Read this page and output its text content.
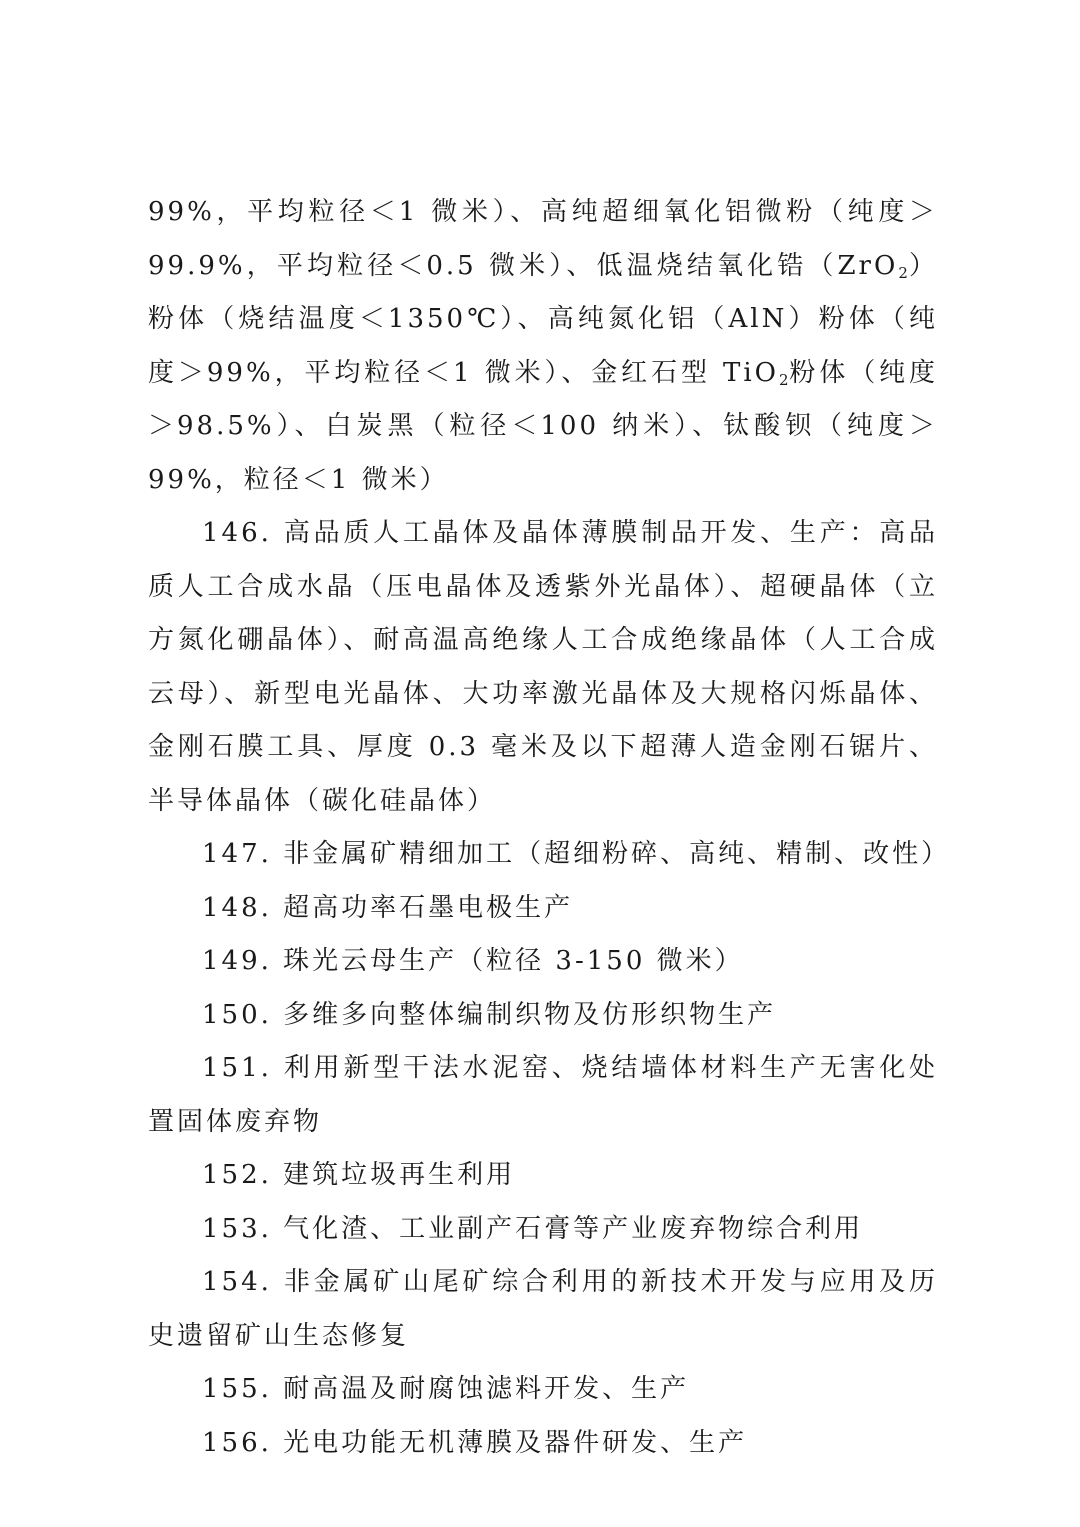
99%，平均粒径＜1 微米）、高纯超细氧化铝微粉（纯度＞99.9%，平均粒径＜0.5 微米）、低温烧结氧化锆（ZrO$_2$）粉体（烧结温度＜1350℃）、高纯氮化铝（AlN）粉体（纯度＞99%，平均粒径＜1 微米）、金红石型 TiO$_2$粉体（纯度＞98.5%）、白炭黑（粒径＜100 纳米）、钛酸钡（纯度＞99%，粒径＜1 微米）

146. 高品质人工晶体及晶体薄膜制品开发、生产：高品质人工合成水晶（压电晶体及透紫外光晶体）、超硬晶体（立方氮化硼晶体）、耐高温高绝缘人工合成绝缘晶体（人工合成云母）、新型电光晶体、大功率激光晶体及大规格闪烁晶体、金刚石膜工具、厚度 0.3 毫米及以下超薄人造金刚石锯片、半导体晶体（碳化硅晶体）

147. 非金属矿精细加工（超细粉碎、高纯、精制、改性）

148. 超高功率石墨电极生产

149. 珠光云母生产（粒径 3-150 微米）

150. 多维多向整体编制织物及仿形织物生产

151. 利用新型干法水泥窑、烧结墙体材料生产无害化处置固体废弃物

152. 建筑垃圾再生利用

153. 气化渣、工业副产石膏等产业废弃物综合利用

154. 非金属矿山尾矿综合利用的新技术开发与应用及历史遗留矿山生态修复

155. 耐高温及耐腐蚀滤料开发、生产

156. 光电功能无机薄膜及器件研发、生产
